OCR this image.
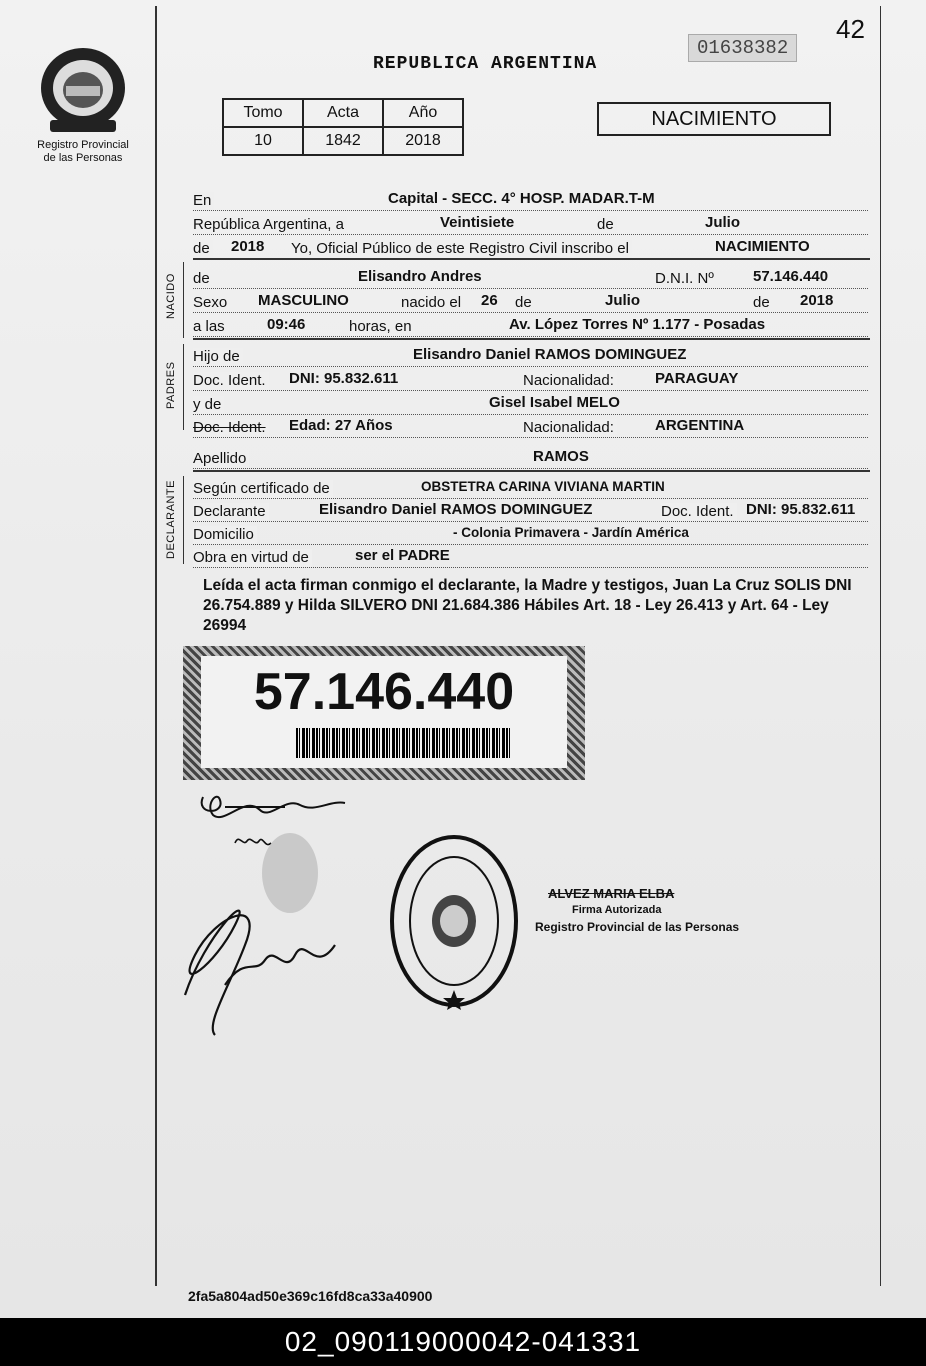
42
Registro Provincial
de las Personas
REPUBLICA ARGENTINA
01638382
Tomo	Acta	Año
10	1842	2018
NACIMIENTO
En	Capital - SECC. 4° HOSP. MADAR.T-M
República Argentina, a	Veintisiete	de	Julio
de 2018 Yo, Oficial Público de este Registro Civil inscribo el	NACIMIENTO
NACIDO de	Elisandro Andres	D.N.I. Nº	57.146.440
Sexo MASCULINO	nacido el 26 de	Julio	de 2018
a las	09:46	horas, en	Av. López Torres Nº 1.177 - Posadas
PADRES
Hijo de	Elisandro Daniel RAMOS DOMINGUEZ
Doc. Ident. DNI: 95.832.611	Nacionalidad:	PARAGUAY
y de	Gisel Isabel MELO
Doc. Ident. Edad: 27 Años	Nacionalidad:	ARGENTINA
Apellido	RAMOS
DECLARANTE Según certificado de	OBSTETRA CARINA VIVIANA MARTIN
Declarante	Elisandro Daniel RAMOS DOMINGUEZ	Doc. Ident. DNI: 95.832.611
Domicilio	- Colonia Primavera - Jardín América
Obra en virtud de	ser el PADRE
Leída el acta firman conmigo el declarante, la Madre y testigos, Juan La Cruz SOLIS DNI 26.754.889 y Hilda SILVERO DNI 21.684.386 Hábiles Art. 18 - Ley 26.413 y Art. 64 - Ley 26994
57.146.440
ALVEZ MARIA ELBA
Firma Autorizada
Registro Provincial de las Personas
2fa5a804ad50e369c16fd8ca33a40900
02_090119000042-041331
